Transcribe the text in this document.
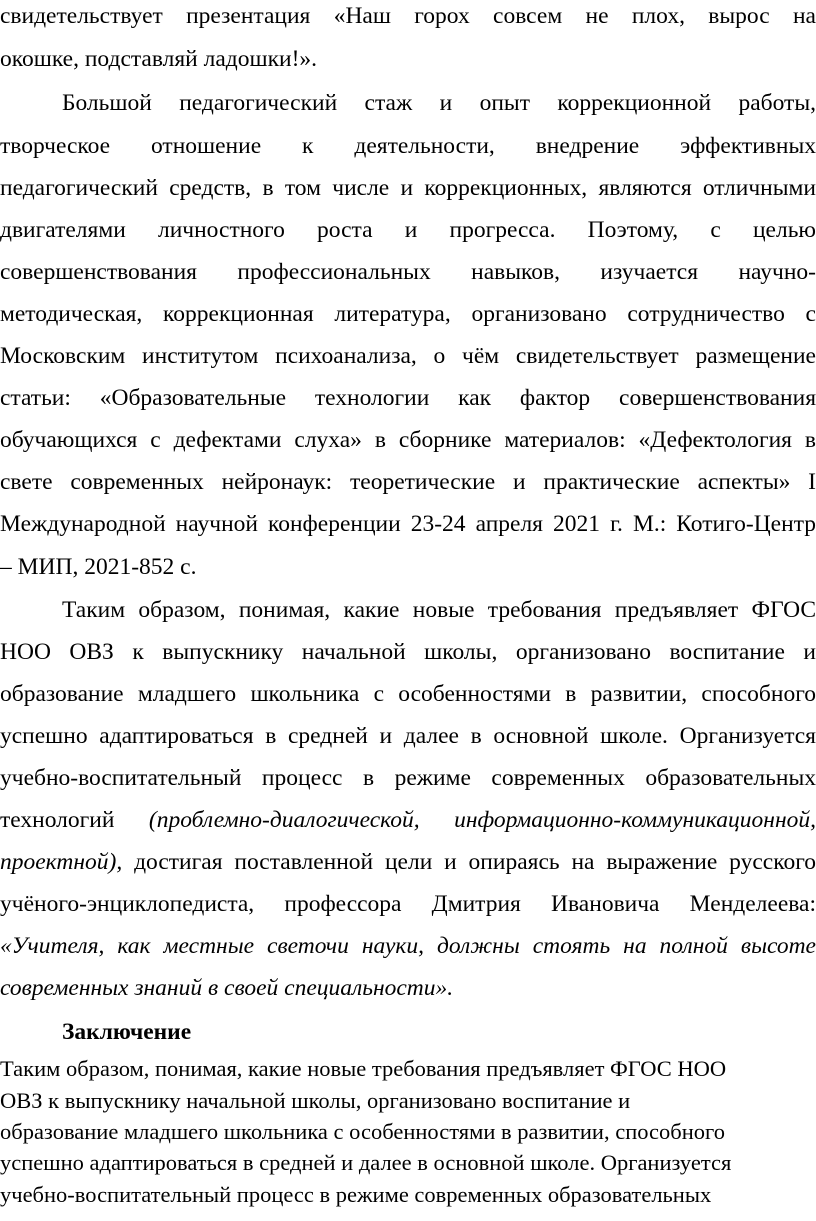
свидетельствует презентация «Наш горох совсем не плох, вырос на
окошке, подставляй ладошки!».
Большой педагогический стаж и опыт коррекционной работы,
творческое отношение к деятельности, внедрение эффективных
педагогический средств, в том числе и коррекционных, являются отличными
двигателями личностного роста и прогресса. Поэтому, с целью
совершенствования профессиональных навыков, изучается научно-
методическая, коррекционная литература, организовано сотрудничество с
Московским институтом психоанализа, о чём свидетельствует размещение
статьи: «Образовательные технологии как фактор совершенствования
обучающихся с дефектами слуха» в сборнике материалов: «Дефектология в
свете современных нейронаук: теоретические и практические аспекты» I
Международной научной конференции 23-24 апреля 2021 г. М.: Котиго-Центр
– МИП, 2021-852 с.
Таким образом, понимая, какие новые требования предъявляет ФГОС
НОО ОВЗ к выпускнику начальной школы, организовано воспитание и
образование младшего школьника с особенностями в развитии, способного
успешно адаптироваться в средней и далее в основной школе. Организуется
учебно-воспитательный процесс в режиме современных образовательных
технологий (проблемно-диалогической, информационно-коммуникационной,
проектной), достигая поставленной цели и опираясь на выражение русского
учёного-энциклопедиста, профессора Дмитрия Ивановича Менделеева:
«Учителя, как местные светочи науки, должны стоять на полной высоте
современных знаний в своей специальности».
Заключение
Таким образом, понимая, какие новые требования предъявляет ФГОС НОО
ОВЗ к выпускнику начальной школы, организовано воспитание и
образование младшего школьника с особенностями в развитии, способного
успешно адаптироваться в средней и далее в основной школе. Организуется
учебно-воспитательный процесс в режиме современных образовательных
